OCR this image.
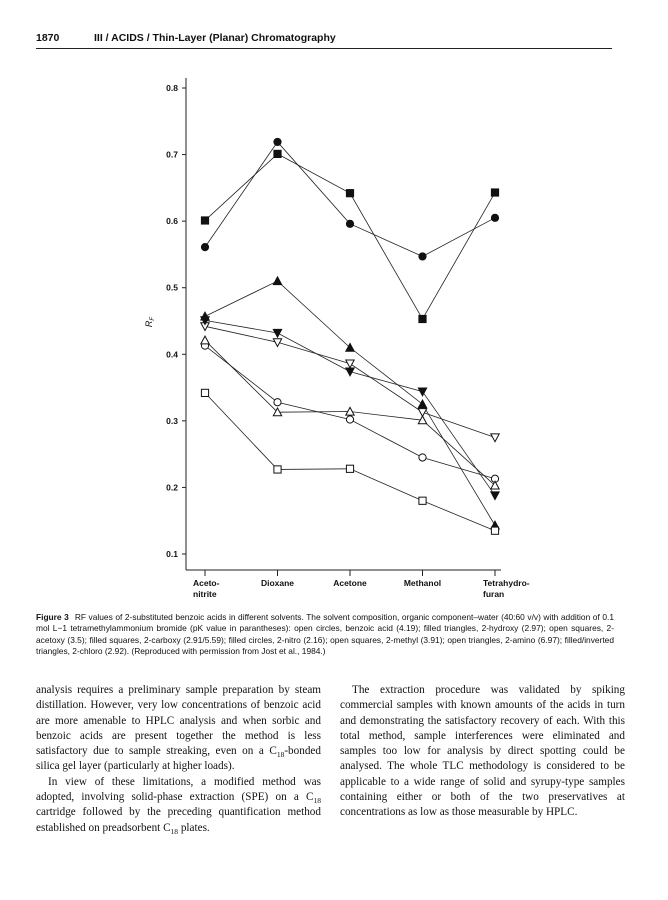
1870	III / ACIDS / Thin-Layer (Planar) Chromatography
0.1
0.2
0.3
0.4
0.5
0.6
0.7
0.8
$R_F$
Aceto-
nitrite
Dioxane	Acetone	Methanol	Tetrahydro-
furan
Figure 3 RF values of 2-substituted benzoic acids in different solvents. The solvent composition, organic component–water (40:60 v/v) with addition of 0.1 mol L−1 tetramethylammonium bromide (pK value in parantheses): open circles, benzoic acid (4.19); filled triangles, 2-hydroxy (2.97); open squares, 2-acetoxy (3.5); filled squares, 2-carboxy (2.91/5.59); filled circles, 2-nitro (2.16); open squares, 2-methyl (3.91); open triangles, 2-amino (6.97); filled/inverted triangles, 2-chloro (2.92). (Reproduced with permission from Jost et al., 1984.)

analysis requires a preliminary sample preparation by steam distillation. However, very low concentrations of benzoic acid are more amenable to HPLC analysis and when sorbic and benzoic acids are present together the method is less satisfactory due to sample streaking, even on a $C_{18}$-bonded silica gel layer (particularly at higher loads).

In view of these limitations, a modified method was adopted, involving solid-phase extraction (SPE) on a $C_{18}$ cartridge followed by the preceding quantification method established on preadsorbent $C_{18}$ plates.

The extraction procedure was validated by spiking commercial samples with known amounts of the acids in turn and demonstrating the satisfactory recovery of each. With this total method, sample interferences were eliminated and samples too low for analysis by direct spotting could be analysed. The whole TLC methodology is considered to be applicable to a wide range of solid and syrupy-type samples containing either or both of the two preservatives at concentrations as low as those measurable by HPLC.
